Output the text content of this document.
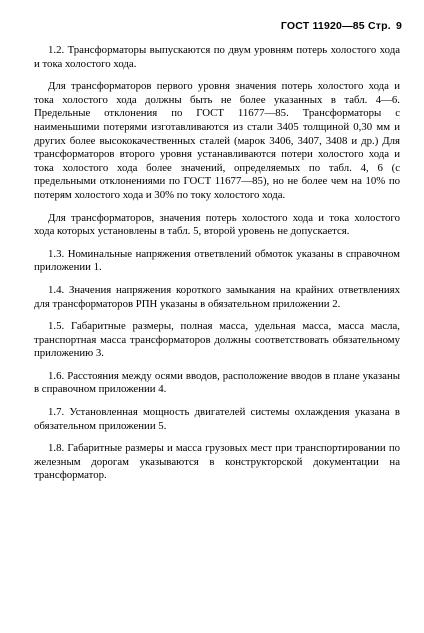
ГОСТ 11920—85 Стр. 9

1.2. Трансформаторы выпускаются по двум уровням потерь холостого хода и тока холостого хода.

Для трансформаторов первого уровня значения потерь холостого хода и тока холостого хода должны быть не более указанных в табл. 4—6. Предельные отклонения по ГОСТ 11677—85. Трансформаторы с наименьшими потерями изготавливаются из стали 3405 толщиной 0,30 мм и других более высококачественных сталей (марок 3406, 3407, 3408 и др.) Для трансформаторов второго уровня устанавливаются потери холостого хода и тока холостого хода более значений, определяемых по табл. 4, 6 (с предельными отклонениями по ГОСТ 11677—85), но не более чем на 10% по потерям холостого хода и 30% по току холостого хода.

Для трансформаторов, значения потерь холостого хода и тока холостого хода которых установлены в табл. 5, второй уровень не допускается.

1.3. Номинальные напряжения ответвлений обмоток указаны в справочном приложении 1.

1.4. Значения напряжения короткого замыкания на крайних ответвлениях для трансформаторов РПН указаны в обязательном приложении 2.

1.5. Габаритные размеры, полная масса, удельная масса, масса масла, транспортная масса трансформаторов должны соответствовать обязательному приложению 3.

1.6. Расстояния между осями вводов, расположение вводов в плане указаны в справочном приложении 4.

1.7. Установленная мощность двигателей системы охлаждения указана в обязательном приложении 5.

1.8. Габаритные размеры и масса грузовых мест при транспортировании по железным дорогам указываются в конструкторской документации на трансформатор.
